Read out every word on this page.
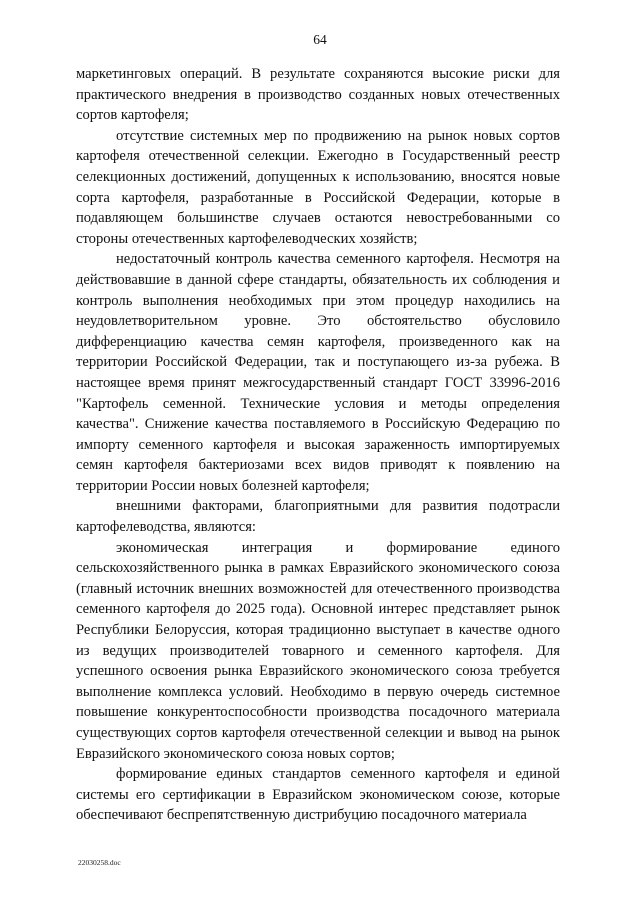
64

маркетинговых операций. В результате сохраняются высокие риски для практического внедрения в производство созданных новых отечественных сортов картофеля;

отсутствие системных мер по продвижению на рынок новых сортов картофеля отечественной селекции. Ежегодно в Государственный реестр селекционных достижений, допущенных к использованию, вносятся новые сорта картофеля, разработанные в Российской Федерации, которые в подавляющем большинстве случаев остаются невостребованными со стороны отечественных картофелеводческих хозяйств;

недостаточный контроль качества семенного картофеля. Несмотря на действовавшие в данной сфере стандарты, обязательность их соблюдения и контроль выполнения необходимых при этом процедур находились на неудовлетворительном уровне. Это обстоятельство обусловило дифференциацию качества семян картофеля, произведенного как на территории Российской Федерации, так и поступающего из-за рубежа. В настоящее время принят межгосударственный стандарт ГОСТ 33996-2016 "Картофель семенной. Технические условия и методы определения качества". Снижение качества поставляемого в Российскую Федерацию по импорту семенного картофеля и высокая зараженность импортируемых семян картофеля бактериозами всех видов приводят к появлению на территории России новых болезней картофеля;

внешними факторами, благоприятными для развития подотрасли картофелеводства, являются:

экономическая интеграция и формирование единого сельскохозяйственного рынка в рамках Евразийского экономического союза (главный источник внешних возможностей для отечественного производства семенного картофеля до 2025 года). Основной интерес представляет рынок Республики Белоруссия, которая традиционно выступает в качестве одного из ведущих производителей товарного и семенного картофеля. Для успешного освоения рынка Евразийского экономического союза требуется выполнение комплекса условий. Необходимо в первую очередь системное повышение конкурентоспособности производства посадочного материала существующих сортов картофеля отечественной селекции и вывод на рынок Евразийского экономического союза новых сортов;

формирование единых стандартов семенного картофеля и единой системы его сертификации в Евразийском экономическом союзе, которые обеспечивают беспрепятственную дистрибуцию посадочного материала

22030258.doc
